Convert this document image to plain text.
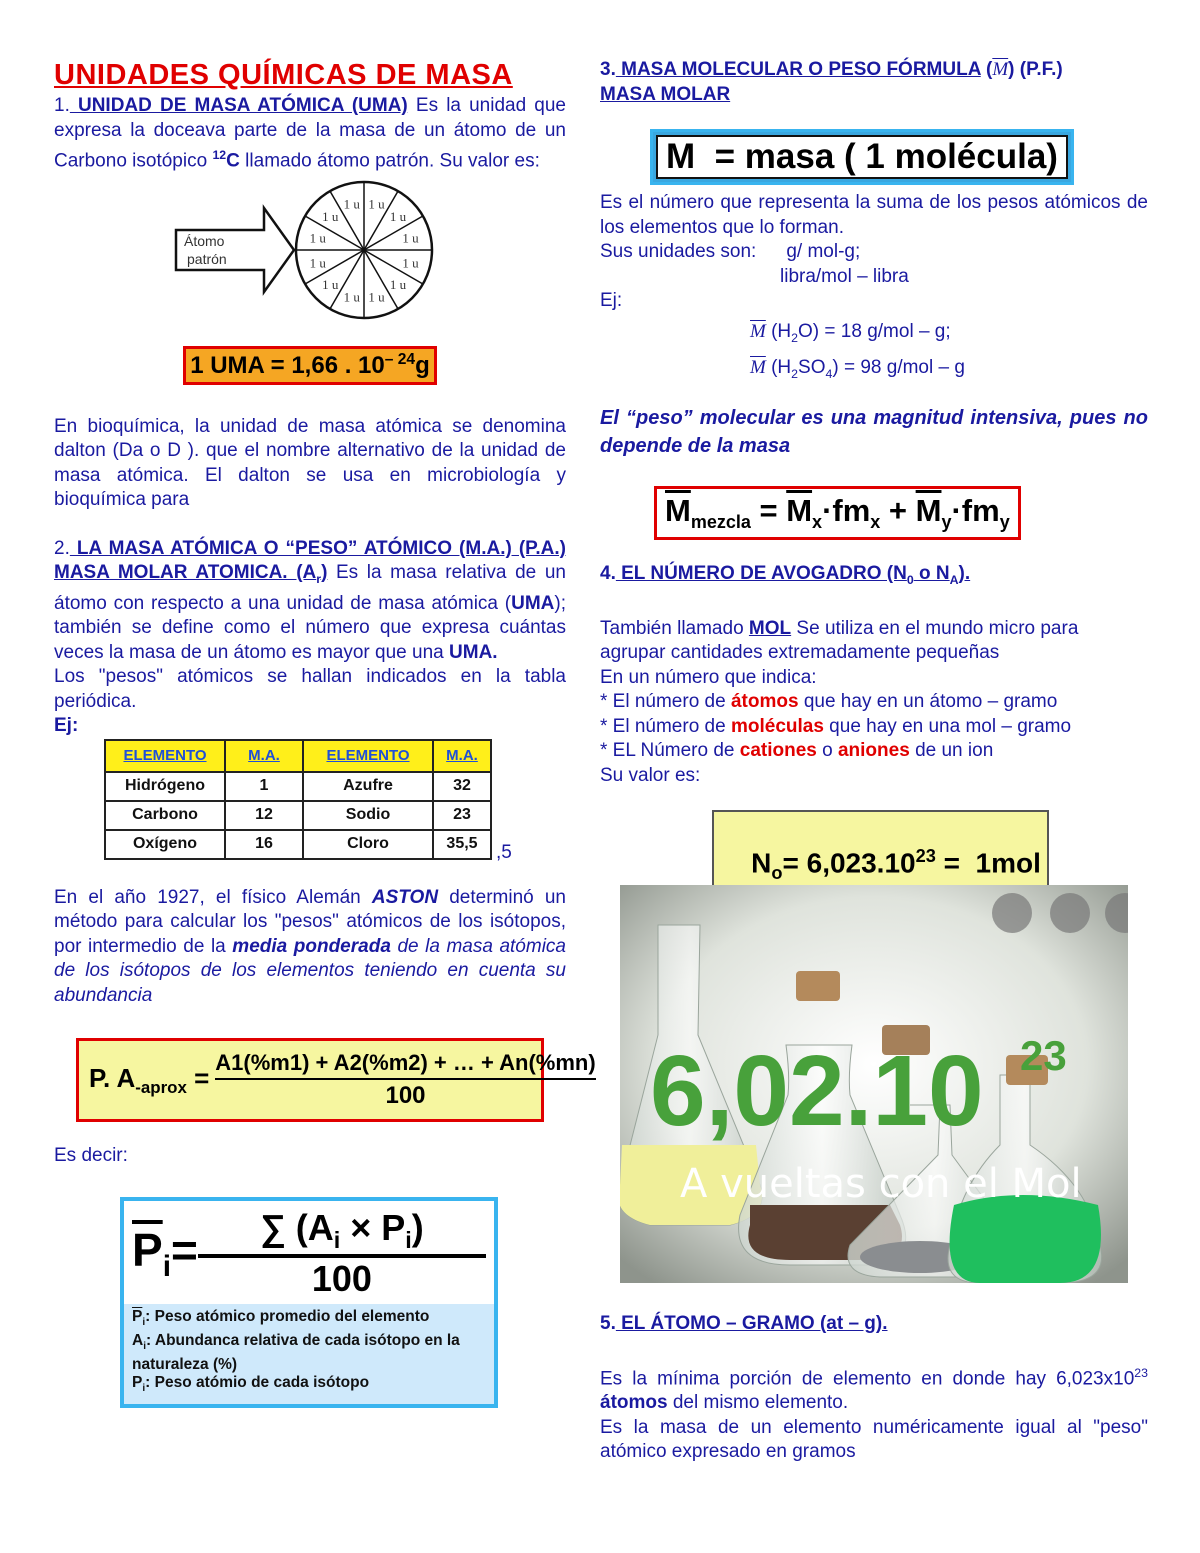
UNIDADES QUÍMICAS DE MASA

1. UNIDAD DE MASA ATÓMICA (UMA) Es la unidad que expresa la doceava parte de la masa de un átomo de un Carbono isotópico $^{12}$C llamado átomo patrón. Su valor es:

Átomo
patrón
1 u
1 u
1 u
1 u
1 u
1 u
1 u
1 u
1 u
1 u
1 u
1 u
1 UMA = 1,66 . $10^{- 24}g$

En bioquímica, la unidad de masa atómica se denomina dalton (Da o D ). que el nombre alternativo de la unidad de masa atómica. El dalton se usa en microbiología y bioquímica para

2. LA MASA ATÓMICA O “PESO” ATÓMICO (M.A.) (P.A.) MASA MOLAR ATOMICA. $(A_r)$ Es la masa relativa de un átomo con respecto a una unidad de masa atómica (UMA); también se define como el número que expresa cuántas veces la masa de un átomo es mayor que una UMA.

Los "pesos" atómicos se hallan indicados en la tabla periódica.

Ej:

ELEMENTO	M.A.	ELEMENTO	M.A.
Hidrógeno	1	Azufre	32
Carbono	12	Sodio	23
Oxígeno	16	Cloro	35,5 ,5

En el año 1927, el físico Alemán ASTON determinó un método para calcular los "pesos" atómicos de los isótopos, por intermedio de la media ponderada de la masa atómica de los isótopos de los elementos teniendo en cuenta su abundancia

P. $A_{-aprox} = \frac{A1(\%m1) + A2(\%m2) + \dots + An(\%mn)}{100}$

Es decir:

$\overline{P}_i= \frac{\sum (A_i \times P_i)}{100}$
$\overline{P}_i$: Peso atómico promedio del elemento
$A_i$: Abundanca relativa de cada isótopo en la naturaleza (%)
$P_i$: Peso atómio de cada isótopo

3. MASA MOLECULAR O PESO FÓRMULA $(\overline{M})$ (P.F.)
MASA MOLAR

M  = masa ( 1 molécula)

Es el número que representa la suma de los pesos atómicos de los elementos que lo forman.

Sus unidades son: g/ mol-g;

libra/mol – libra

Ej:

$\overline{M}$ $(H_2O) = 18$ g/mol – g;

$\overline{M}$ $(H_2SO_4) = 98$ g/mol – g

El “peso” molecular es una magnitud intensiva, pues no depende de la masa

$\overline{M}_{mezcla} = \overline{M}_x\cdot fm_x + \overline{M}_y\cdot fm_y$

4. EL NÚMERO DE AVOGADRO ($N_0$ o $N_A$).

También llamado MOL Se utiliza en el mundo micro para agrupar cantidades extremadamente pequeñas
En un número que indica:
* El número de átomos que hay en un átomo – gramo
* El número de moléculas que hay en una mol – gramo
* EL Número de cationes o aniones de un ion
Su valor es:

$N_o= 6,023.10^{23} = 1mol$

6,02.10 23
A vueltas con el Mol

5. EL ÁTOMO – GRAMO (at – g).

Es la mínima porción de elemento en donde hay $6,023x10^{23}$ átomos del mismo elemento.

Es la masa de un elemento numéricamente igual al "peso" atómico expresado en gramos
